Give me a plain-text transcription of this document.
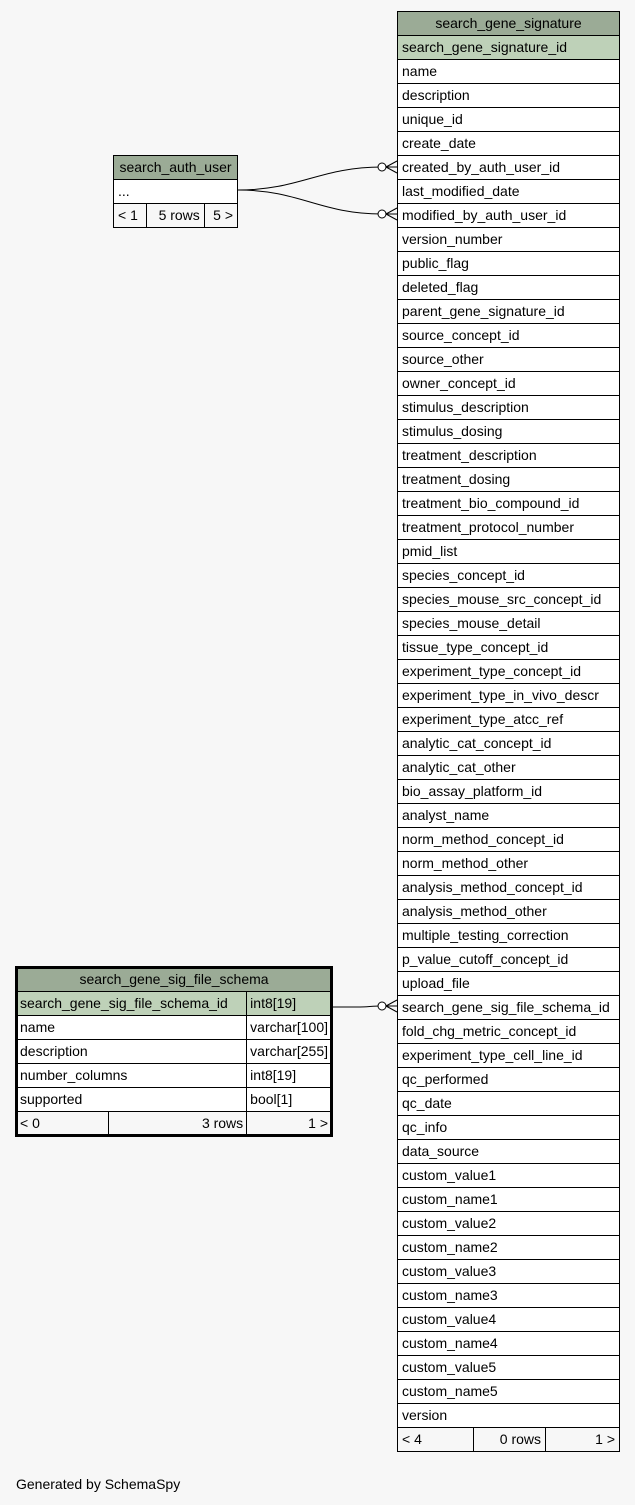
search_auth_user
...
< 1	5 rows	5 >
search_gene_signature
search_gene_signature_id
name
description
unique_id
create_date
created_by_auth_user_id
last_modified_date
modified_by_auth_user_id
version_number
public_flag
deleted_flag
parent_gene_signature_id
source_concept_id
source_other
owner_concept_id
stimulus_description
stimulus_dosing
treatment_description
treatment_dosing
treatment_bio_compound_id
treatment_protocol_number
pmid_list
species_concept_id
species_mouse_src_concept_id
species_mouse_detail
tissue_type_concept_id
experiment_type_concept_id
experiment_type_in_vivo_descr
experiment_type_atcc_ref
analytic_cat_concept_id
analytic_cat_other
bio_assay_platform_id
analyst_name
norm_method_concept_id
norm_method_other
analysis_method_concept_id
analysis_method_other
multiple_testing_correction
p_value_cutoff_concept_id
upload_file
search_gene_sig_file_schema_id
fold_chg_metric_concept_id
experiment_type_cell_line_id
qc_performed
qc_date
qc_info
data_source
custom_value1
custom_name1
custom_value2
custom_name2
custom_value3
custom_name3
custom_value4
custom_name4
custom_value5
custom_name5
version
< 4	0 rows	1 >
search_gene_sig_file_schema		
search_gene_sig_file_schema_id		int8[19]
name		varchar[100]
description		varchar[255]
number_columns		int8[19]
supported		bool[1]
< 0	3 rows	1 >
Generated by SchemaSpy
